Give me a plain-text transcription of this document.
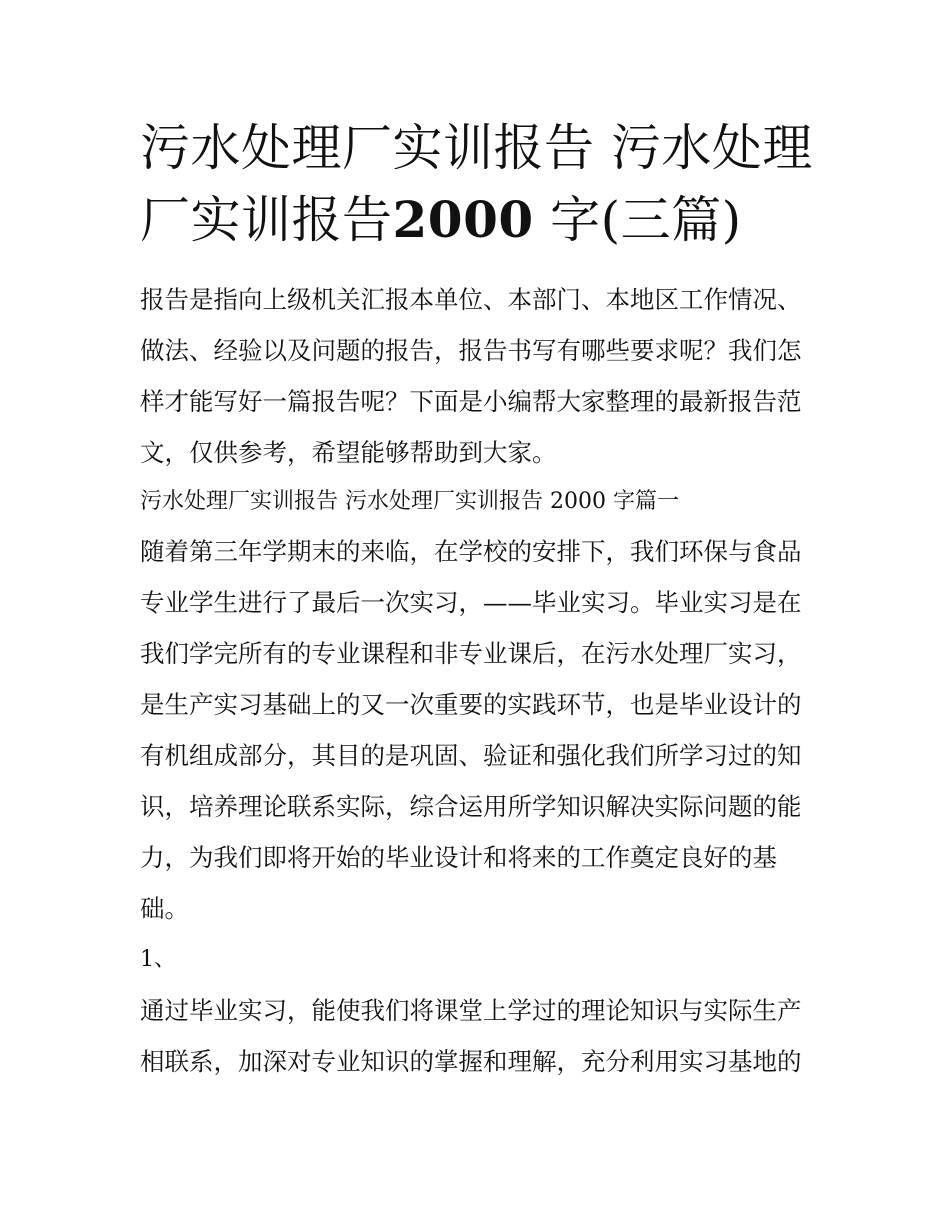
污水处理厂实训报告 污水处理厂实训报告2000 字(三篇)

报告是指向上级机关汇报本单位、本部门、本地区工作情况、做法、经验以及问题的报告，报告书写有哪些要求呢？我们怎样才能写好一篇报告呢？下面是小编帮大家整理的最新报告范文，仅供参考，希望能够帮助到大家。

污水处理厂实训报告 污水处理厂实训报告 2000 字篇一

随着第三年学期末的来临，在学校的安排下，我们环保与食品专业学生进行了最后一次实习，——毕业实习。毕业实习是在我们学完所有的专业课程和非专业课后，在污水处理厂实习，是生产实习基础上的又一次重要的实践环节，也是毕业设计的有机组成部分，其目的是巩固、验证和强化我们所学习过的知识，培养理论联系实际，综合运用所学知识解决实际问题的能力，为我们即将开始的毕业设计和将来的工作奠定良好的基础。

1、

通过毕业实习，能使我们将课堂上学过的理论知识与实际生产相联系，加深对专业知识的掌握和理解，充分利用实习基地的
